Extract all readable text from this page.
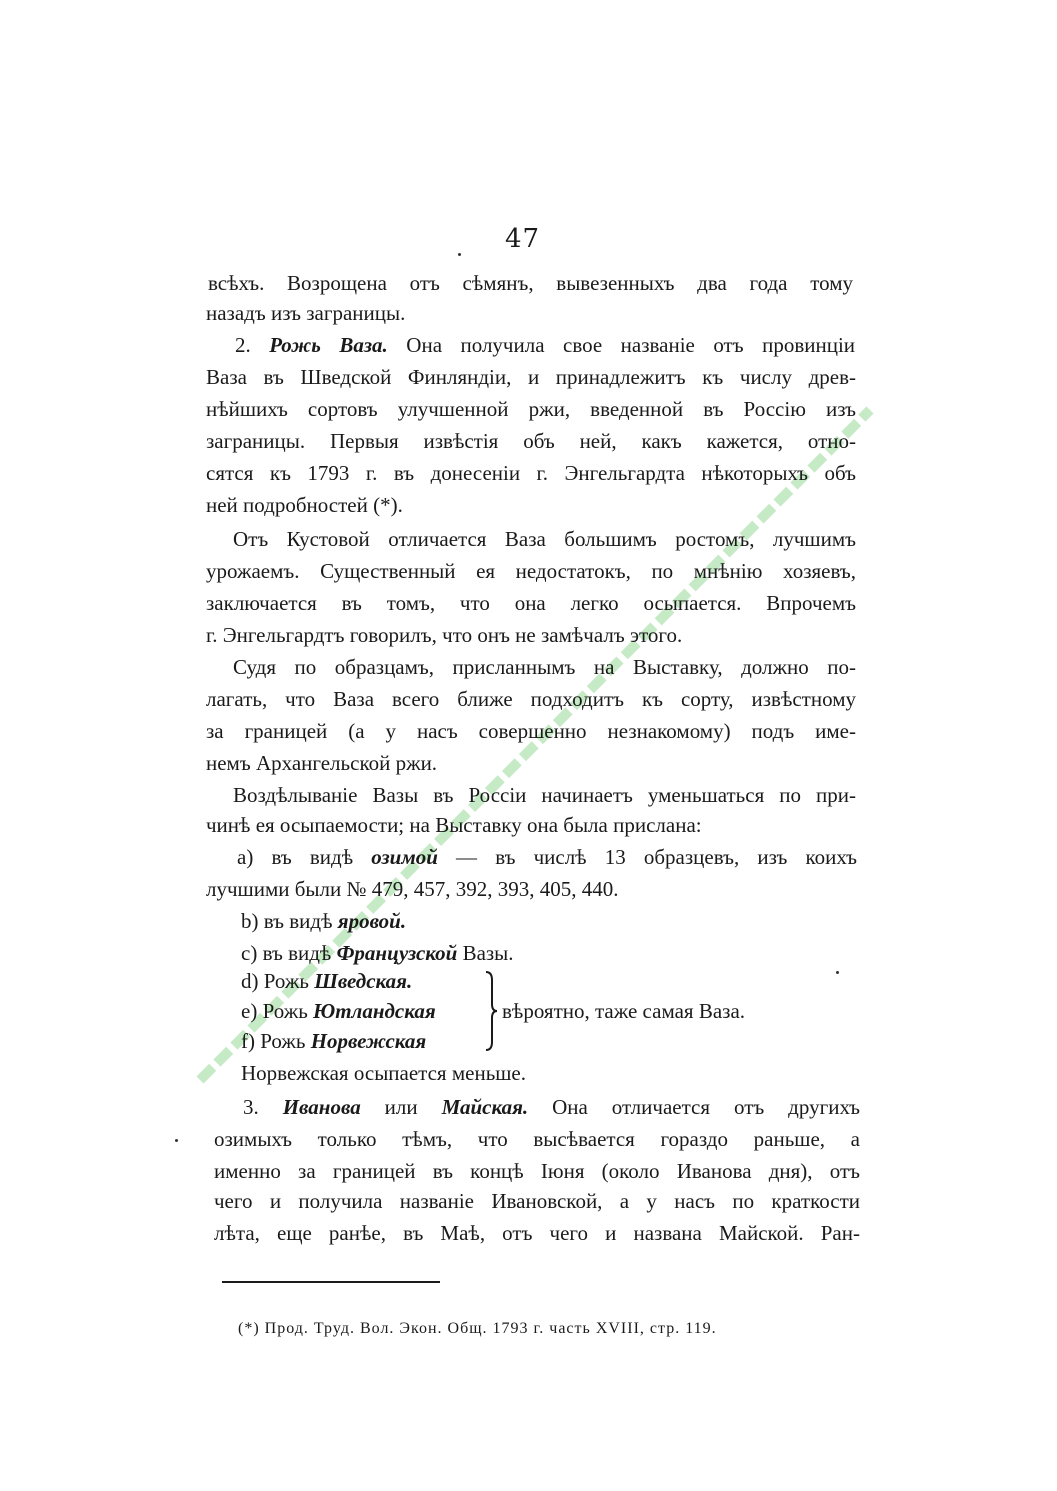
47
всѣхъ. Возрощена отъ сѣмянъ, вывезенныхъ два года тому
назадъ изъ заграницы.
2. Рожь Ваза. Она получила свое названіе отъ провинціи
Ваза въ Шведской Финляндіи, и принадлежитъ къ числу древ-
нѣйшихъ сортовъ улучшенной ржи, введенной въ Россію изъ
заграницы. Первыя извѣстія объ ней, какъ кажется, отно-
сятся къ 1793 г. въ донесеніи г. Энгельгардта нѣкоторыхъ объ
ней подробностей (*).
Отъ Кустовой отличается Ваза большимъ ростомъ, лучшимъ
урожаемъ. Существенный ея недостатокъ, по мнѣнію хозяевъ,
заключается въ томъ, что она легко осыпается. Впрочемъ
г. Энгельгардтъ говорилъ, что онъ не замѣчалъ этого.
Судя по образцамъ, присланнымъ на Выставку, должно по-
лагать, что Ваза всего ближе подходитъ къ сорту, извѣстному
за границей (а у насъ совершенно незнакомому) подъ име-
немъ Архангельской ржи.
Воздѣлываніе Вазы въ Россіи начинаетъ уменьшаться по при-
чинѣ ея осыпаемости; на Выставку она была прислана:
a) въ видѣ озимой — въ числѣ 13 образцевъ, изъ коихъ
лучшими были № 479, 457, 392, 393, 405, 440.
b) въ видѣ яровой.
c) въ видѣ Французской Вазы.
d) Рожь Шведская.
e) Рожь Ютландская
f) Рожь Норвежская
вѣроятно, таже самая Ваза.
Норвежская осыпается меньше.
3. Иванова или Майская. Она отличается отъ другихъ
озимыхъ только тѣмъ, что высѣвается гораздо раньше, а
именно за границей въ концѣ Іюня (около Иванова дня), отъ
чего и получила названіе Ивановской, а у насъ по краткости
лѣта, еще ранѣе, въ Маѣ, отъ чего и названа Майской. Ран-
(*) Прод. Труд. Вол. Экон. Общ. 1793 г. часть XVIII, стр. 119.
